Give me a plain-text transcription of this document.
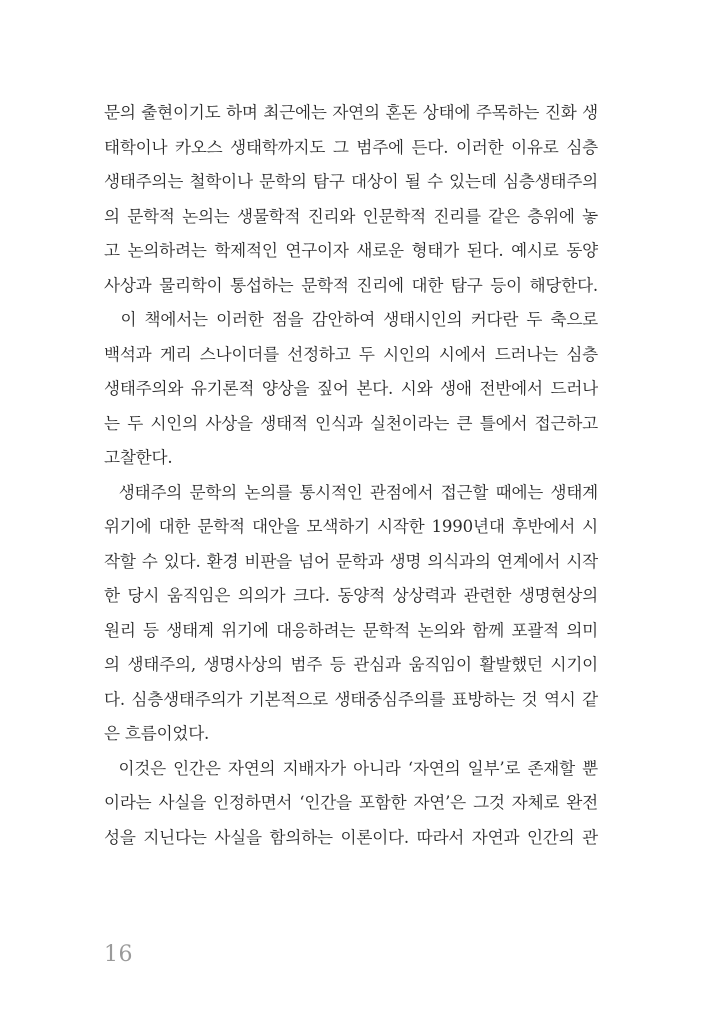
문의 출현이기도 하며 최근에는 자연의 혼돈 상태에 주목하는 진화 생
태학이나 카오스 생태학까지도 그 범주에 든다. 이러한 이유로 심층
생태주의는 철학이나 문학의 탐구 대상이 될 수 있는데 심층생태주의
의 문학적 논의는 생물학적 진리와 인문학적 진리를 같은 층위에 놓
고 논의하려는 학제적인 연구이자 새로운 형태가 된다. 예시로 동양
사상과 물리학이 통섭하는 문학적 진리에 대한 탐구 등이 해당한다.
이 책에서는 이러한 점을 감안하여 생태시인의 커다란 두 축으로
백석과 게리 스나이더를 선정하고 두 시인의 시에서 드러나는 심층
생태주의와 유기론적 양상을 짚어 본다. 시와 생애 전반에서 드러나
는 두 시인의 사상을 생태적 인식과 실천이라는 큰 틀에서 접근하고
고찰한다.
생태주의 문학의 논의를 통시적인 관점에서 접근할 때에는 생태계
위기에 대한 문학적 대안을 모색하기 시작한 1990년대 후반에서 시
작할 수 있다. 환경 비판을 넘어 문학과 생명 의식과의 연계에서 시작
한 당시 움직임은 의의가 크다. 동양적 상상력과 관련한 생명현상의
원리 등 생태계 위기에 대응하려는 문학적 논의와 함께 포괄적 의미
의 생태주의, 생명사상의 범주 등 관심과 움직임이 활발했던 시기이
다. 심층생태주의가 기본적으로 생태중심주의를 표방하는 것 역시 같
은 흐름이었다.
이것은 인간은 자연의 지배자가 아니라 ‘자연의 일부’로 존재할 뿐
이라는 사실을 인정하면서 ‘인간을 포함한 자연’은 그것 자체로 완전
성을 지닌다는 사실을 함의하는 이론이다. 따라서 자연과 인간의 관
16
